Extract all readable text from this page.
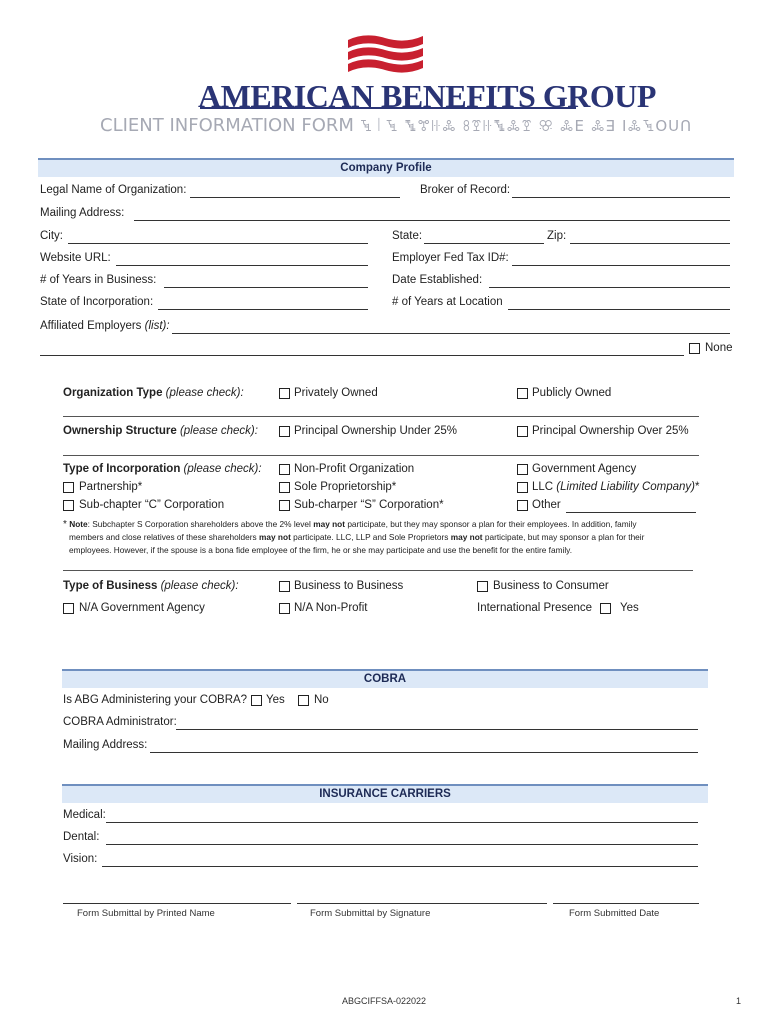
AMERICAN BENEFITS GROUP
CLIENT INFORMATION FORM ꔃ꒐ꔃ ꔄꔅꖍꔆ ꖉꗑꖍꔄꔆꗑ ꕣ ꔆꓰ ꔆꓱ ꓲꔆꔃꓳꓴꓵ
Company Profile
Legal Name of Organization:	Broker of Record:
Mailing Address:
City:	State:	Zip:
Website URL:	Employer Fed Tax ID#:
# of Years in Business:	Date Established:
State of Incorporation:	# of Years at Location
Affiliated Employers (list):
None
Organization Type (please check):	Privately Owned	Publicly Owned
Ownership Structure (please check):	Principal Ownership Under 25%	Principal Ownership Over 25%
Type of Incorporation (please check):	Non-Profit Organization	Government Agency
Partnership*	Sole Proprietorship*	LLC (Limited Liability Company)*
Sub-chapter “C” Corporation	Sub-charper “S” Corporation*	Other
* Note: Subchapter S Corporation shareholders above the 2% level may not participate, but they may sponsor a plan for their employees. In addition, family
members and close relatives of these shareholders may not participate. LLC, LLP and Sole Proprietors may not participate, but may sponsor a plan for their
employees. However, if the spouse is a bona fide employee of the firm, he or she may participate and use the benefit for the entire family.
Type of Business (please check):	Business to Business	Business to Consumer
N/A Government Agency	N/A Non-Profit	International Presence Yes
COBRA
Is ABG Administering your COBRA? Yes	No
COBRA Administrator:
Mailing Address:
INSURANCE CARRIERS
Medical:
Dental:
Vision:
Form Submittal by Printed Name	Form Submittal by Signature	Form Submitted Date
ABGCIFFSA-022022	1
